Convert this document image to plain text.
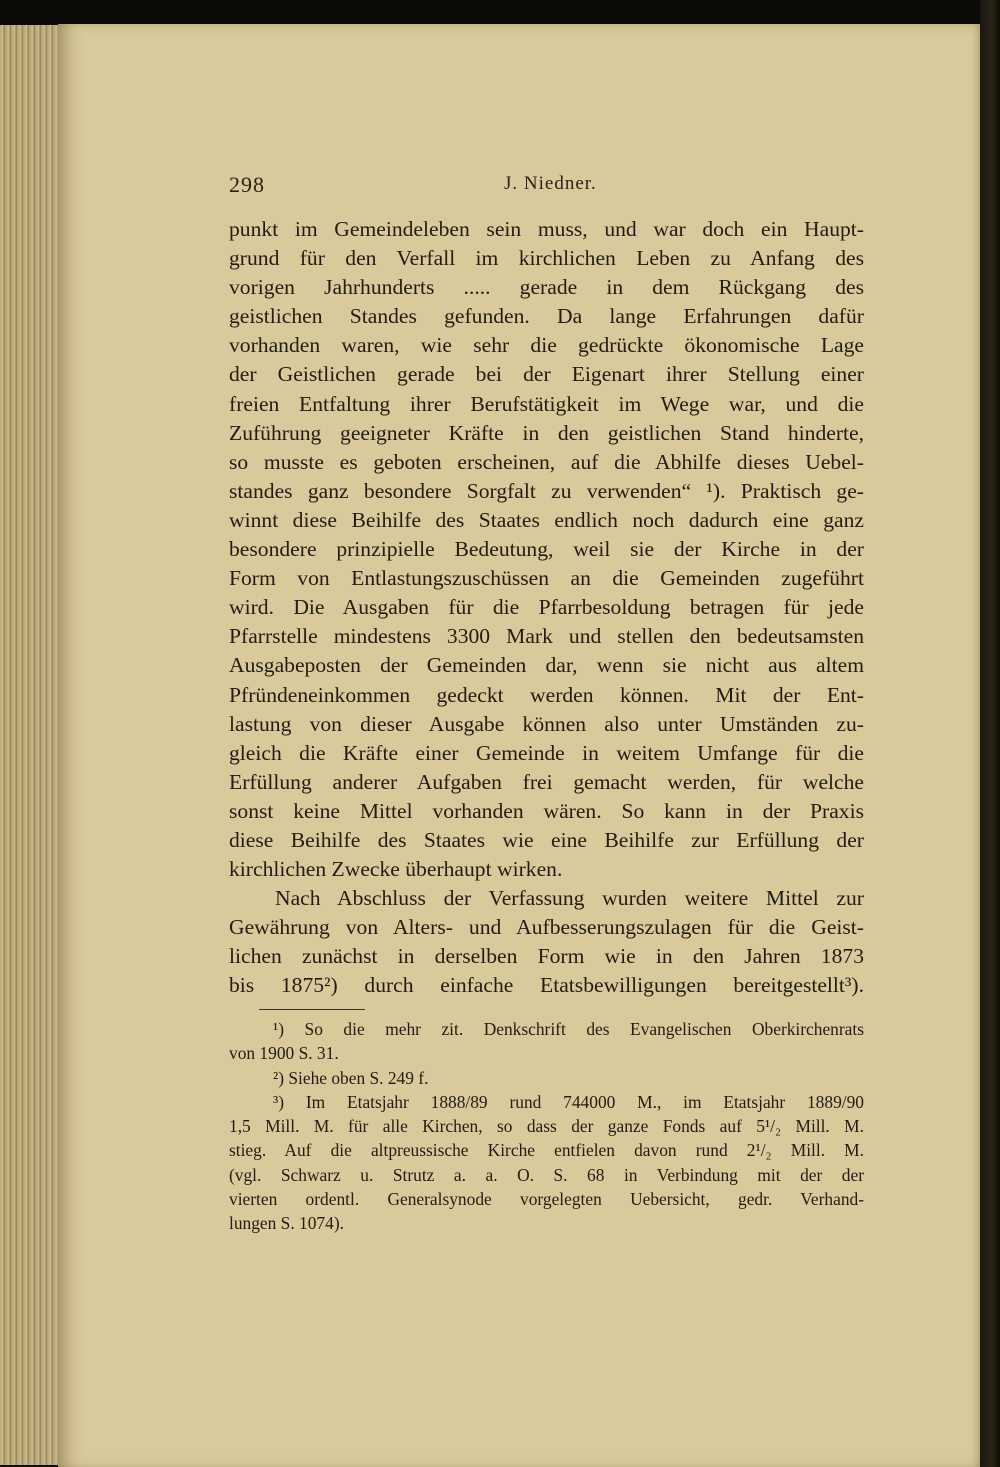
298	J. Niedner.
punkt im Gemeindeleben sein muss, und war doch ein Haupt-
grund für den Verfall im kirchlichen Leben zu Anfang des
vorigen Jahrhunderts ..... gerade in dem Rückgang des
geistlichen Standes gefunden. Da lange Erfahrungen dafür
vorhanden waren, wie sehr die gedrückte ökonomische Lage
der Geistlichen gerade bei der Eigenart ihrer Stellung einer
freien Entfaltung ihrer Berufstätigkeit im Wege war, und die
Zuführung geeigneter Kräfte in den geistlichen Stand hinderte,
so musste es geboten erscheinen, auf die Abhilfe dieses Uebel-
standes ganz besondere Sorgfalt zu verwenden“ ¹). Praktisch ge-
winnt diese Beihilfe des Staates endlich noch dadurch eine ganz
besondere prinzipielle Bedeutung, weil sie der Kirche in der
Form von Entlastungszuschüssen an die Gemeinden zugeführt
wird. Die Ausgaben für die Pfarrbesoldung betragen für jede
Pfarrstelle mindestens 3300 Mark und stellen den bedeutsamsten
Ausgabeposten der Gemeinden dar, wenn sie nicht aus altem
Pfründeneinkommen gedeckt werden können. Mit der Ent-
lastung von dieser Ausgabe können also unter Umständen zu-
gleich die Kräfte einer Gemeinde in weitem Umfange für die
Erfüllung anderer Aufgaben frei gemacht werden, für welche
sonst keine Mittel vorhanden wären. So kann in der Praxis
diese Beihilfe des Staates wie eine Beihilfe zur Erfüllung der
kirchlichen Zwecke überhaupt wirken.
Nach Abschluss der Verfassung wurden weitere Mittel zur
Gewährung von Alters- und Aufbesserungszulagen für die Geist-
lichen zunächst in derselben Form wie in den Jahren 1873
bis 1875²) durch einfache Etatsbewilligungen bereitgestellt³).
¹) So die mehr zit. Denkschrift des Evangelischen Oberkirchenrats
von 1900 S. 31.
²) Siehe oben S. 249 f.
³) Im Etatsjahr 1888/89 rund 744000 M., im Etatsjahr 1889/90
1,5 Mill. M. für alle Kirchen, so dass der ganze Fonds auf 5¹/₂ Mill. M.
stieg. Auf die altpreussische Kirche entfielen davon rund 2¹/₂ Mill. M.
(vgl. Schwarz u. Strutz a. a. O. S. 68 in Verbindung mit der der
vierten ordentl. Generalsynode vorgelegten Uebersicht, gedr. Verhand-
lungen S. 1074).
